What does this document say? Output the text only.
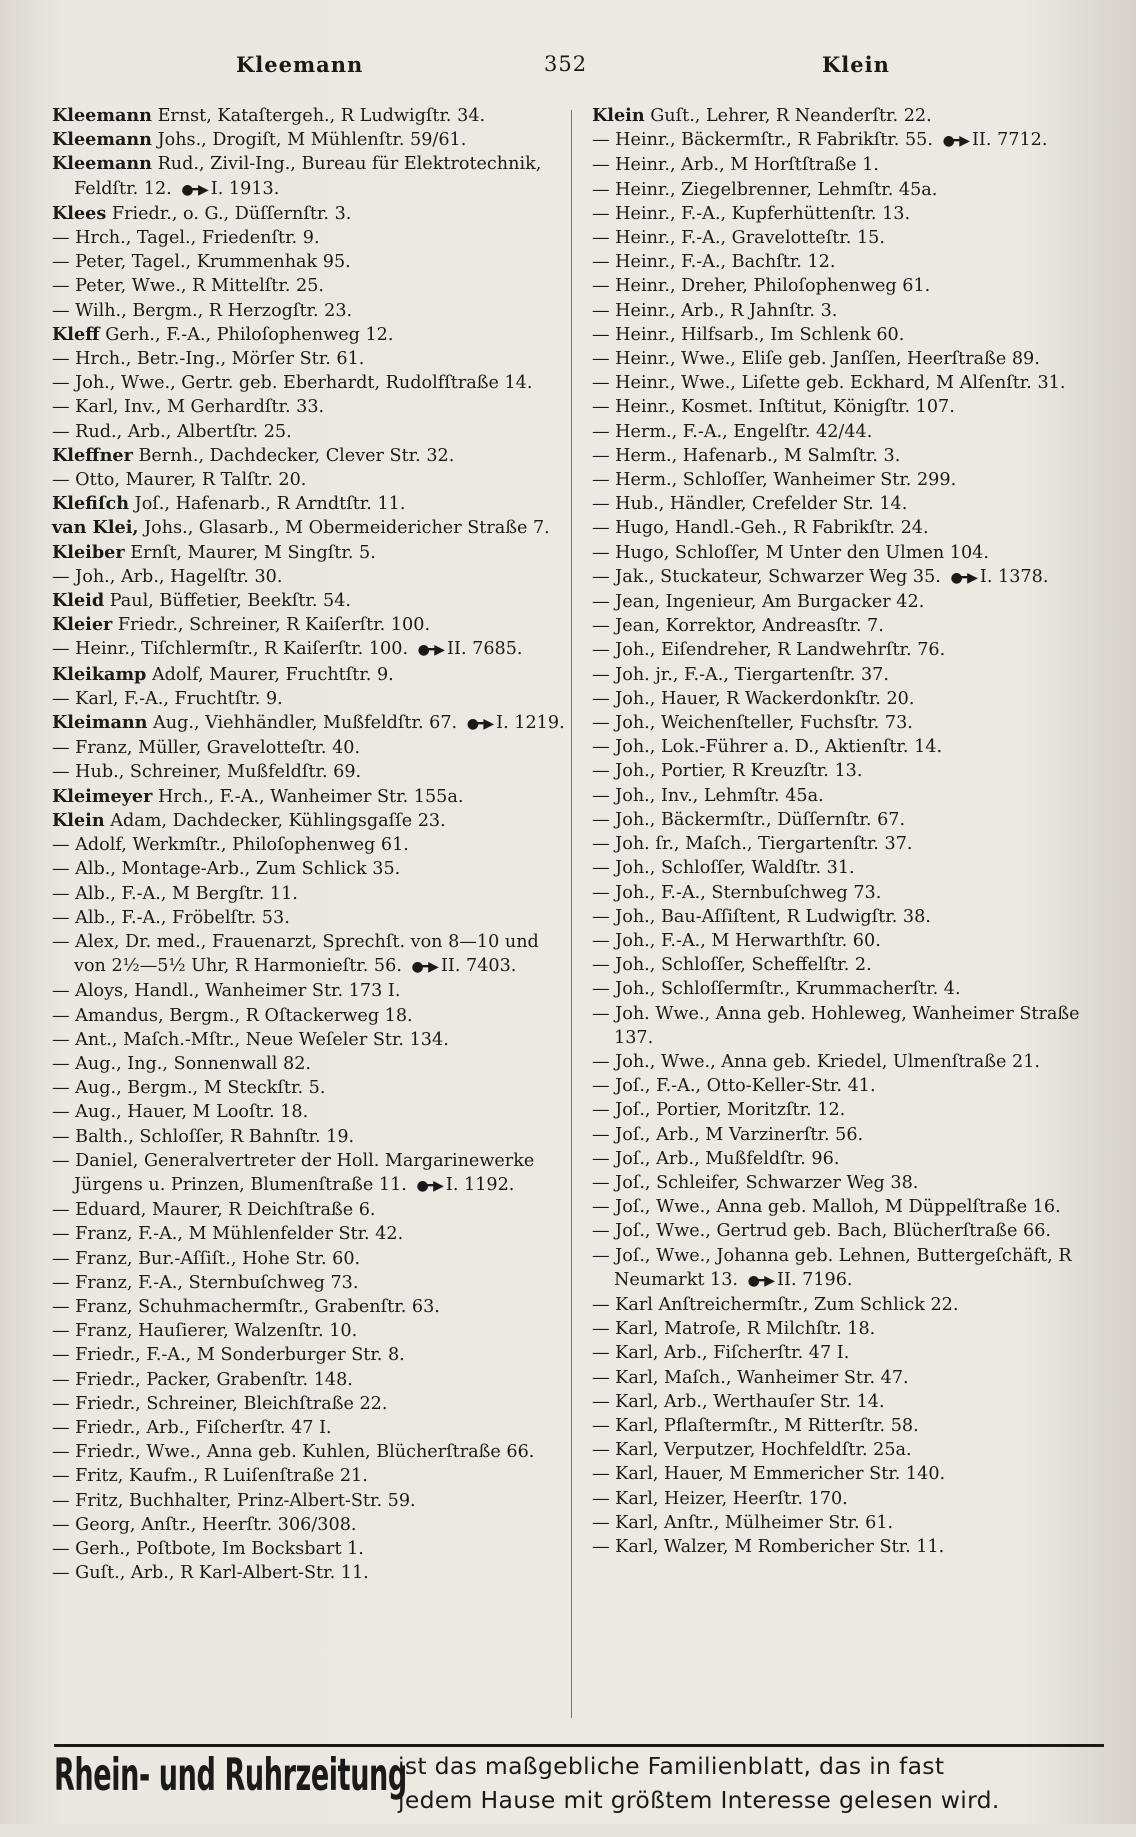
Kleemann	352	Klein
Kleemann Ernst, Kataſtergeh., R Ludwigſtr. 34.
Kleemann Johs., Drogiſt, M Mühlenſtr. 59/61.
Kleemann Rud., Zivil-Ing., Bureau für Elektrotechnik, Feldſtr. 12. ●━▶ I. 1913.
Klees Friedr., o. G., Düſſernſtr. 3.
— Hrch., Tagel., Friedenſtr. 9.
— Peter, Tagel., Krummenhak 95.
— Peter, Wwe., R Mittelſtr. 25.
— Wilh., Bergm., R Herzogſtr. 23.
Kleff Gerh., F.-A., Philoſophenweg 12.
— Hrch., Betr.-Ing., Mörſer Str. 61.
— Joh., Wwe., Gertr. geb. Eberhardt, Rudolfſtraße 14.
— Karl, Inv., M Gerhardſtr. 33.
— Rud., Arb., Albertſtr. 25.
Kleffner Bernh., Dachdecker, Clever Str. 32.
— Otto, Maurer, R Talſtr. 20.
Klefiſch Joſ., Hafenarb., R Arndtſtr. 11.
van Klei, Johs., Glasarb., M Obermeidericher Straße 7.
Kleiber Ernſt, Maurer, M Singſtr. 5.
— Joh., Arb., Hagelſtr. 30.
Kleid Paul, Büffetier, Beekſtr. 54.
Kleier Friedr., Schreiner, R Kaiſerſtr. 100.
— Heinr., Tiſchlermſtr., R Kaiſerſtr. 100. ●━▶ II. 7685.
Kleikamp Adolf, Maurer, Fruchtſtr. 9.
— Karl, F.-A., Fruchtſtr. 9.
Kleimann Aug., Viehhändler, Mußfeldſtr. 67. ●━▶ I. 1219.
— Franz, Müller, Gravelotteſtr. 40.
— Hub., Schreiner, Mußfeldſtr. 69.
Kleimeyer Hrch., F.-A., Wanheimer Str. 155a.
Klein Adam, Dachdecker, Kühlingsgaſſe 23.
— Adolf, Werkmſtr., Philoſophenweg 61.
— Alb., Montage-Arb., Zum Schlick 35.
— Alb., F.-A., M Bergſtr. 11.
— Alb., F.-A., Fröbelſtr. 53.
— Alex, Dr. med., Frauenarzt, Sprechſt. von 8—10 und von 2½—5½ Uhr, R Harmonieſtr. 56. ●━▶ II. 7403.
— Aloys, Handl., Wanheimer Str. 173 I.
— Amandus, Bergm., R Oſtackerweg 18.
— Ant., Maſch.-Mſtr., Neue Weſeler Str. 134.
— Aug., Ing., Sonnenwall 82.
— Aug., Bergm., M Steckſtr. 5.
— Aug., Hauer, M Looſtr. 18.
— Balth., Schloſſer, R Bahnſtr. 19.
— Daniel, Generalvertreter der Holl. Margarinewerke Jürgens u. Prinzen, Blumenſtraße 11. ●━▶ I. 1192.
— Eduard, Maurer, R Deichſtraße 6.
— Franz, F.-A., M Mühlenfelder Str. 42.
— Franz, Bur.-Aſſiſt., Hohe Str. 60.
— Franz, F.-A., Sternbuſchweg 73.
— Franz, Schuhmachermſtr., Grabenſtr. 63.
— Franz, Hauſierer, Walzenſtr. 10.
— Friedr., F.-A., M Sonderburger Str. 8.
— Friedr., Packer, Grabenſtr. 148.
— Friedr., Schreiner, Bleichſtraße 22.
— Friedr., Arb., Fiſcherſtr. 47 I.
— Friedr., Wwe., Anna geb. Kuhlen, Blücherſtraße 66.
— Fritz, Kaufm., R Luiſenſtraße 21.
— Fritz, Buchhalter, Prinz-Albert-Str. 59.
— Georg, Anſtr., Heerſtr. 306/308.
— Gerh., Poſtbote, Im Bocksbart 1.
— Guſt., Arb., R Karl-Albert-Str. 11.
Klein Guſt., Lehrer, R Neanderſtr. 22.
— Heinr., Bäckermſtr., R Fabrikſtr. 55. ●━▶ II. 7712.
— Heinr., Arb., M Horſtſtraße 1.
— Heinr., Ziegelbrenner, Lehmſtr. 45a.
— Heinr., F.-A., Kupferhüttenſtr. 13.
— Heinr., F.-A., Gravelotteſtr. 15.
— Heinr., F.-A., Bachſtr. 12.
— Heinr., Dreher, Philoſophenweg 61.
— Heinr., Arb., R Jahnſtr. 3.
— Heinr., Hilfsarb., Im Schlenk 60.
— Heinr., Wwe., Eliſe geb. Janſſen, Heerſtraße 89.
— Heinr., Wwe., Liſette geb. Eckhard, M Alſenſtr. 31.
— Heinr., Kosmet. Inſtitut, Königſtr. 107.
— Herm., F.-A., Engelſtr. 42/44.
— Herm., Hafenarb., M Salmſtr. 3.
— Herm., Schloſſer, Wanheimer Str. 299.
— Hub., Händler, Crefelder Str. 14.
— Hugo, Handl.-Geh., R Fabrikſtr. 24.
— Hugo, Schloſſer, M Unter den Ulmen 104.
— Jak., Stuckateur, Schwarzer Weg 35. ●━▶ I. 1378.
— Jean, Ingenieur, Am Burgacker 42.
— Jean, Korrektor, Andreasſtr. 7.
— Joh., Eiſendreher, R Landwehrſtr. 76.
— Joh. jr., F.-A., Tiergartenſtr. 37.
— Joh., Hauer, R Wackerdonkſtr. 20.
— Joh., Weichenſteller, Fuchsſtr. 73.
— Joh., Lok.-Führer a. D., Aktienſtr. 14.
— Joh., Portier, R Kreuzſtr. 13.
— Joh., Inv., Lehmſtr. 45a.
— Joh., Bäckermſtr., Düſſernſtr. 67.
— Joh. ſr., Maſch., Tiergartenſtr. 37.
— Joh., Schloſſer, Waldſtr. 31.
— Joh., F.-A., Sternbuſchweg 73.
— Joh., Bau-Aſſiſtent, R Ludwigſtr. 38.
— Joh., F.-A., M Herwarthſtr. 60.
— Joh., Schloſſer, Scheffelſtr. 2.
— Joh., Schloſſermſtr., Krummacherſtr. 4.
— Joh. Wwe., Anna geb. Hohleweg, Wanheimer Straße 137.
— Joh., Wwe., Anna geb. Kriedel, Ulmenſtraße 21.
— Joſ., F.-A., Otto-Keller-Str. 41.
— Joſ., Portier, Moritzſtr. 12.
— Joſ., Arb., M Varzinerſtr. 56.
— Joſ., Arb., Mußfeldſtr. 96.
— Joſ., Schleifer, Schwarzer Weg 38.
— Joſ., Wwe., Anna geb. Malloh, M Düppelſtraße 16.
— Joſ., Wwe., Gertrud geb. Bach, Blücherſtraße 66.
— Joſ., Wwe., Johanna geb. Lehnen, Buttergeſchäft, R Neumarkt 13. ●━▶ II. 7196.
— Karl Anſtreichermſtr., Zum Schlick 22.
— Karl, Matroſe, R Milchſtr. 18.
— Karl, Arb., Fiſcherſtr. 47 I.
— Karl, Maſch., Wanheimer Str. 47.
— Karl, Arb., Werthauſer Str. 14.
— Karl, Pflaſtermſtr., M Ritterſtr. 58.
— Karl, Verputzer, Hochfeldſtr. 25a.
— Karl, Hauer, M Emmericher Str. 140.
— Karl, Heizer, Heerſtr. 170.
— Karl, Anſtr., Mülheimer Str. 61.
— Karl, Walzer, M Rombericher Str. 11.
Rhein- und Ruhrzeitung
ist das maßgebliche Familienblatt, das in fast
jedem Hause mit größtem Interesse gelesen wird.
